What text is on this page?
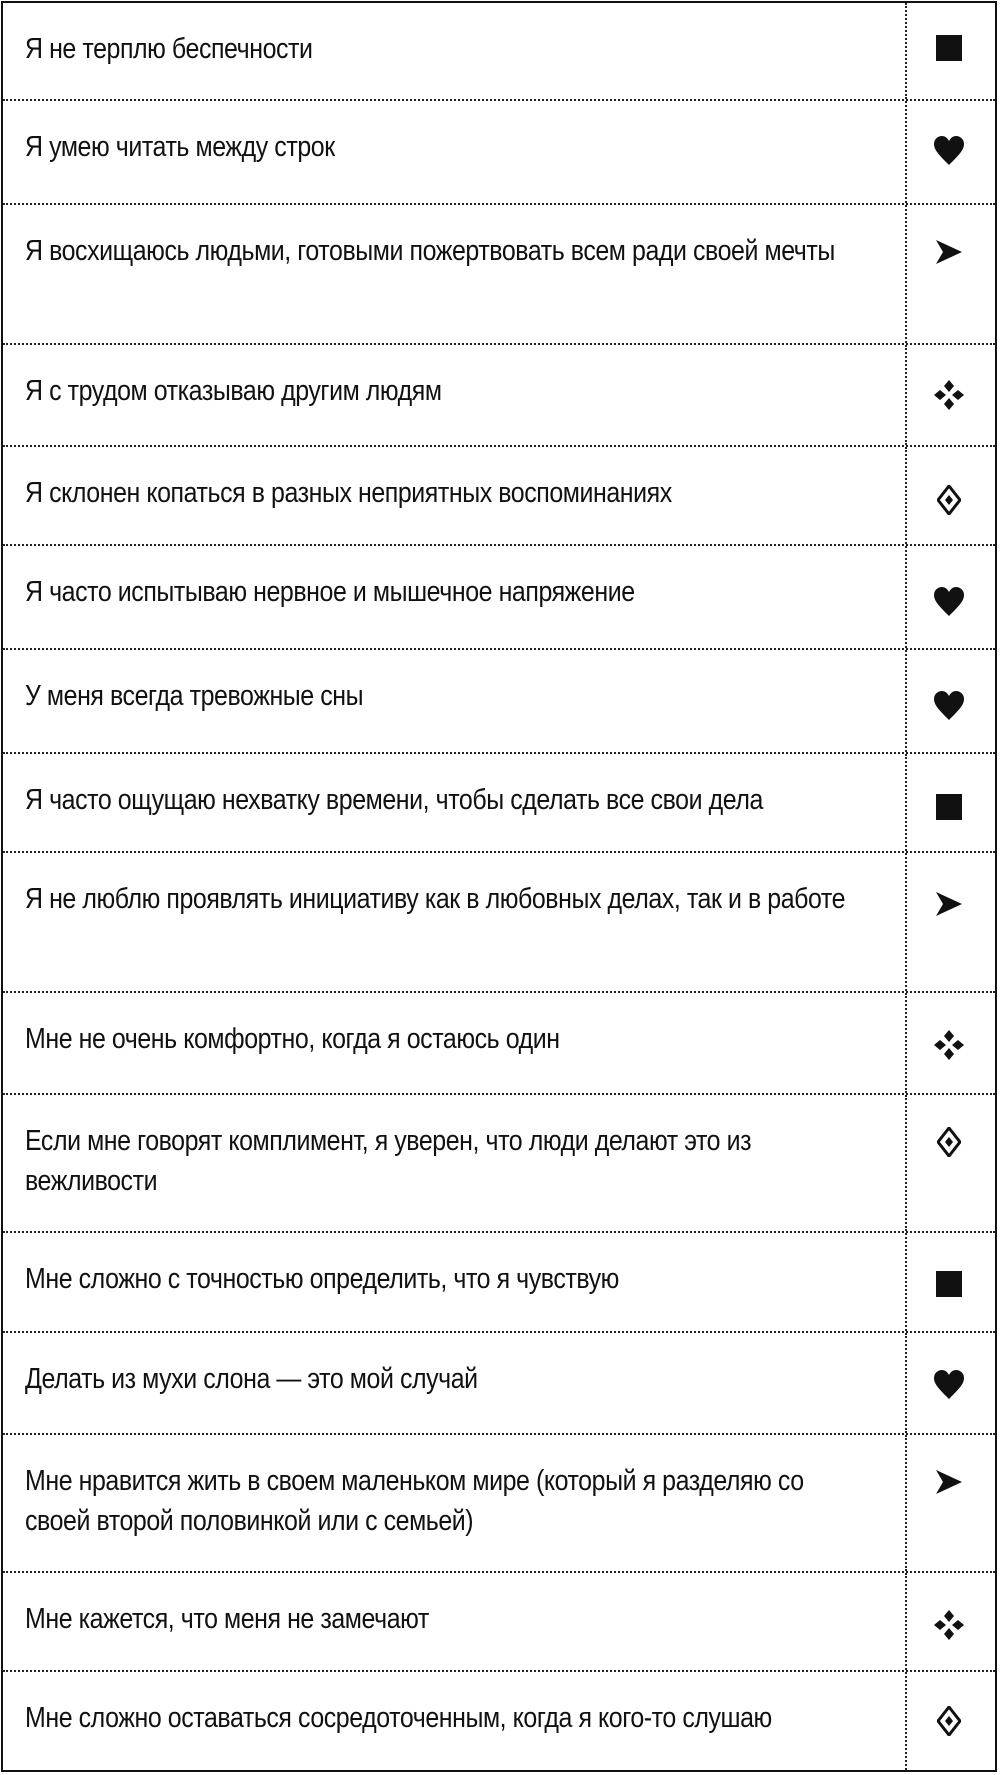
Я не терплю беспечности
Я умею читать между строк
Я восхищаюсь людьми, готовыми пожертвовать всем ради своей мечты
Я с трудом отказываю другим людям
Я склонен копаться в разных неприятных воспоминаниях
Я часто испытываю нервное и мышечное напряжение
У меня всегда тревожные сны
Я часто ощущаю нехватку времени, чтобы сделать все свои дела
Я не люблю проявлять инициативу как в любовных делах, так и в работе
Мне не очень комфортно, когда я остаюсь один
Если мне говорят комплимент, я уверен, что люди делают это из вежливости
Мне сложно с точностью определить, что я чувствую
Делать из мухи слона — это мой случай
Мне нравится жить в своем маленьком мире (который я разделяю со своей второй половинкой или с семьей)
Мне кажется, что меня не замечают
Мне сложно оставаться сосредоточенным, когда я кого-то слушаю
